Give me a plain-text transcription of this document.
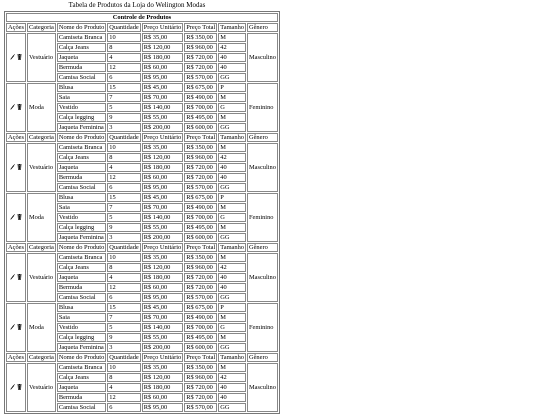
Tabela de Produtos da Loja do Welington Modas
Controle de Produtos							
Ações	Categoria	Nome do Produto	Quantidade	Preço Unitário	Preço Total	Tamanho	Gênero

	Vestuário	Camiseta Branca	10	R$ 35,00	R$ 350,00	M	Masculino
		Calça Jeans	8	R$ 120,00	R$ 960,00	42	
		Jaqueta	4	R$ 180,00	R$ 720,00	40	
		Bermuda	12	R$ 60,00	R$ 720,00	40	
		Camisa Social	6	R$ 95,00	R$ 570,00	GG	

	Moda	Blusa	15	R$ 45,00	R$ 675,00	P	Feminino
		Saia	7	R$ 70,00	R$ 490,00	M	
		Vestido	5	R$ 140,00	R$ 700,00	G	
		Calça legging	9	R$ 55,00	R$ 495,00	M	
		Jaqueta Feminina	3	R$ 200,00	R$ 600,00	GG	
Ações	Categoria	Nome do Produto	Quantidade	Preço Unitário	Preço Total	Tamanho	Gênero

	Vestuário	Camiseta Branca	10	R$ 35,00	R$ 350,00	M	Masculino
		Calça Jeans	8	R$ 120,00	R$ 960,00	42	
		Jaqueta	4	R$ 180,00	R$ 720,00	40	
		Bermuda	12	R$ 60,00	R$ 720,00	40	
		Camisa Social	6	R$ 95,00	R$ 570,00	GG	

	Moda	Blusa	15	R$ 45,00	R$ 675,00	P	Feminino
		Saia	7	R$ 70,00	R$ 490,00	M	
		Vestido	5	R$ 140,00	R$ 700,00	G	
		Calça legging	9	R$ 55,00	R$ 495,00	M	
		Jaqueta Feminina	3	R$ 200,00	R$ 600,00	GG	
Ações	Categoria	Nome do Produto	Quantidade	Preço Unitário	Preço Total	Tamanho	Gênero

	Vestuário	Camiseta Branca	10	R$ 35,00	R$ 350,00	M	Masculino
		Calça Jeans	8	R$ 120,00	R$ 960,00	42	
		Jaqueta	4	R$ 180,00	R$ 720,00	40	
		Bermuda	12	R$ 60,00	R$ 720,00	40	
		Camisa Social	6	R$ 95,00	R$ 570,00	GG	

	Moda	Blusa	15	R$ 45,00	R$ 675,00	P	Feminino
		Saia	7	R$ 70,00	R$ 490,00	M	
		Vestido	5	R$ 140,00	R$ 700,00	G	
		Calça legging	9	R$ 55,00	R$ 495,00	M	
		Jaqueta Feminina	3	R$ 200,00	R$ 600,00	GG	
Ações	Categoria	Nome do Produto	Quantidade	Preço Unitário	Preço Total	Tamanho	Gênero

	Vestuário	Camiseta Branca	10	R$ 35,00	R$ 350,00	M	Masculino
		Calça Jeans	8	R$ 120,00	R$ 960,00	42	
		Jaqueta	4	R$ 180,00	R$ 720,00	40	
		Bermuda	12	R$ 60,00	R$ 720,00	40	
		Camisa Social	6	R$ 95,00	R$ 570,00	GG	
